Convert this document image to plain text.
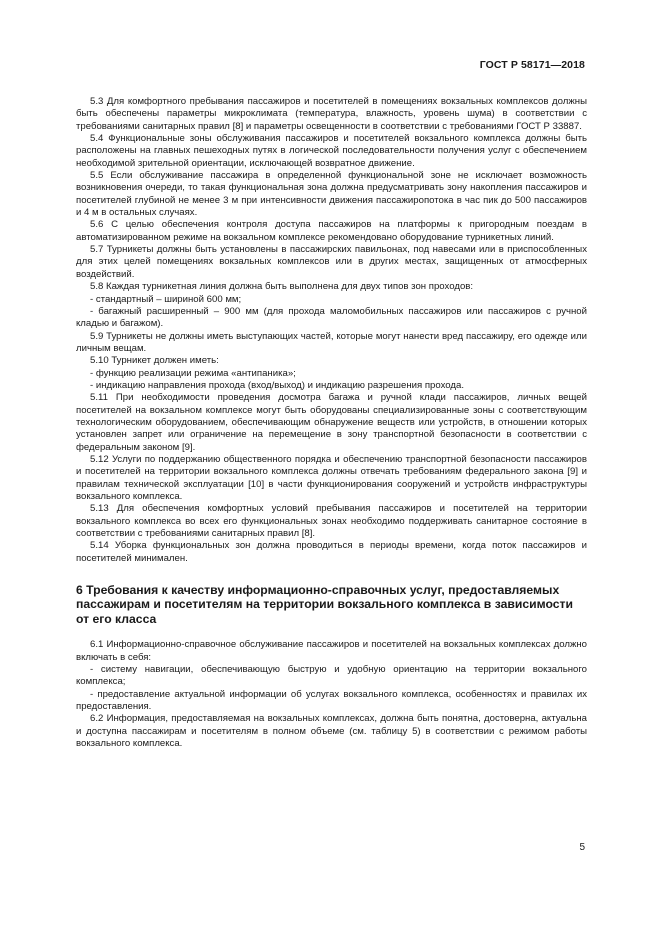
ГОСТ Р 58171—2018

5.3 Для комфортного пребывания пассажиров и посетителей в помещениях вокзальных комплексов должны быть обеспечены параметры микроклимата (температура, влажность, уровень шума) в соответствии с требованиями санитарных правил [8] и параметры освещенности в соответствии с требованиями ГОСТ Р 33887.

5.4 Функциональные зоны обслуживания пассажиров и посетителей вокзального комплекса должны быть расположены на главных пешеходных путях в логической последовательности получения услуг с обеспечением необходимой зрительной ориентации, исключающей возвратное движение.

5.5 Если обслуживание пассажира в определенной функциональной зоне не исключает возможность возникновения очереди, то такая функциональная зона должна предусматривать зону накопления пассажиров и посетителей глубиной не менее 3 м при интенсивности движения пассажиропотока в час пик до 500 пассажиров и 4 м в остальных случаях.

5.6 С целью обеспечения контроля доступа пассажиров на платформы к пригородным поездам в автоматизированном режиме на вокзальном комплексе рекомендовано оборудование турникетных линий.

5.7 Турникеты должны быть установлены в пассажирских павильонах, под навесами или в приспособленных для этих целей помещениях вокзальных комплексов или в других местах, защищенных от атмосферных воздействий.

5.8 Каждая турникетная линия должна быть выполнена для двух типов зон проходов:

- стандартный – шириной 600 мм;

- багажный расширенный – 900 мм (для прохода маломобильных пассажиров или пассажиров с ручной кладью и багажом).

5.9 Турникеты не должны иметь выступающих частей, которые могут нанести вред пассажиру, его одежде или личным вещам.

5.10 Турникет должен иметь:

- функцию реализации режима «антипаника»;

- индикацию направления прохода (вход/выход) и индикацию разрешения прохода.

5.11 При необходимости проведения досмотра багажа и ручной клади пассажиров, личных вещей посетителей на вокзальном комплексе могут быть оборудованы специализированные зоны с соответствующим технологическим оборудованием, обеспечивающим обнаружение веществ или устройств, в отношении которых установлен запрет или ограничение на перемещение в зону транспортной безопасности в соответствии с федеральным законом [9].

5.12 Услуги по поддержанию общественного порядка и обеспечению транспортной безопасности пассажиров и посетителей на территории вокзального комплекса должны отвечать требованиям федерального закона [9] и правилам технической эксплуатации [10] в части функционирования сооружений и устройств инфраструктуры вокзального комплекса.

5.13 Для обеспечения комфортных условий пребывания пассажиров и посетителей на территории вокзального комплекса во всех его функциональных зонах необходимо поддерживать санитарное состояние в соответствии с требованиями санитарных правил [8].

5.14 Уборка функциональных зон должна проводиться в периоды времени, когда поток пассажиров и посетителей минимален.

6 Требования к качеству информационно-справочных услуг, предоставляемых пассажирам и посетителям на территории вокзального комплекса в зависимости от его класса

6.1 Информационно-справочное обслуживание пассажиров и посетителей на вокзальных комплексах должно включать в себя:

- систему навигации, обеспечивающую быструю и удобную ориентацию на территории вокзального комплекса;

- предоставление актуальной информации об услугах вокзального комплекса, особенностях и правилах их предоставления.

6.2 Информация, предоставляемая на вокзальных комплексах, должна быть понятна, достоверна, актуальна и доступна пассажирам и посетителям в полном объеме (см. таблицу 5) в соответствии с режимом работы вокзального комплекса.

5
